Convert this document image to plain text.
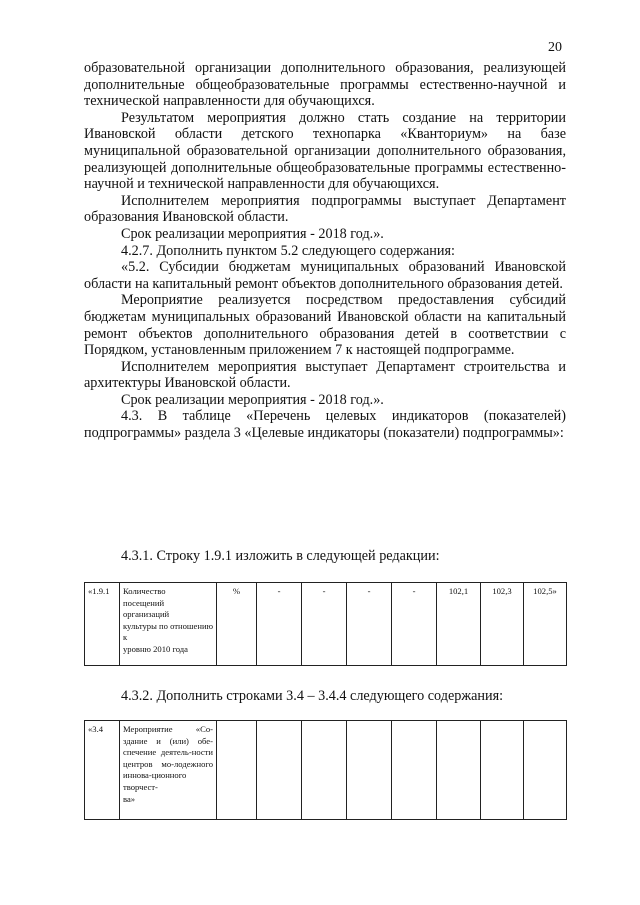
20

образовательной организации дополнительного образования, реализующей дополнительные общеобразовательные программы естественно-научной и технической направленности для обучающихся.

Результатом мероприятия должно стать создание на территории Ивановской области детского технопарка «Кванториум» на базе муниципальной образовательной организации дополнительного образования, реализующей дополнительные общеобразовательные программы естественно-научной и технической направленности для обучающихся.

Исполнителем мероприятия подпрограммы выступает Департамент образования Ивановской области.

Срок реализации мероприятия - 2018 год.».

4.2.7. Дополнить пунктом 5.2 следующего содержания:

«5.2. Субсидии бюджетам муниципальных образований Ивановской области на капитальный ремонт объектов дополнительного образования детей.

Мероприятие реализуется посредством предоставления субсидий бюджетам муниципальных образований Ивановской области на капитальный ремонт объектов дополнительного образования детей в соответствии с Порядком, установленным приложением 7 к настоящей подпрограмме.

Исполнителем мероприятия выступает Департамент строительства и архитектуры Ивановской области.

Срок реализации мероприятия - 2018 год.».

4.3. В таблице «Перечень целевых индикаторов (показателей) подпрограммы» раздела 3 «Целевые индикаторы (показатели) подпрограммы»:

4.3.1. Строку 1.9.1 изложить в следующей редакции:
«1.9.1	Количество
посещений
организаций
культуры по отношению к
уровню 2010 года
	%	-	-	-	-	102,1	102,3	102,5»
4.3.2. Дополнить строками 3.4 – 3.4.4 следующего содержания:
«3.4	Мероприятие «Со-здание и (или) обе-спечение деятель-ности центров мо-лодежного иннова-ционного творчест-
ва»
